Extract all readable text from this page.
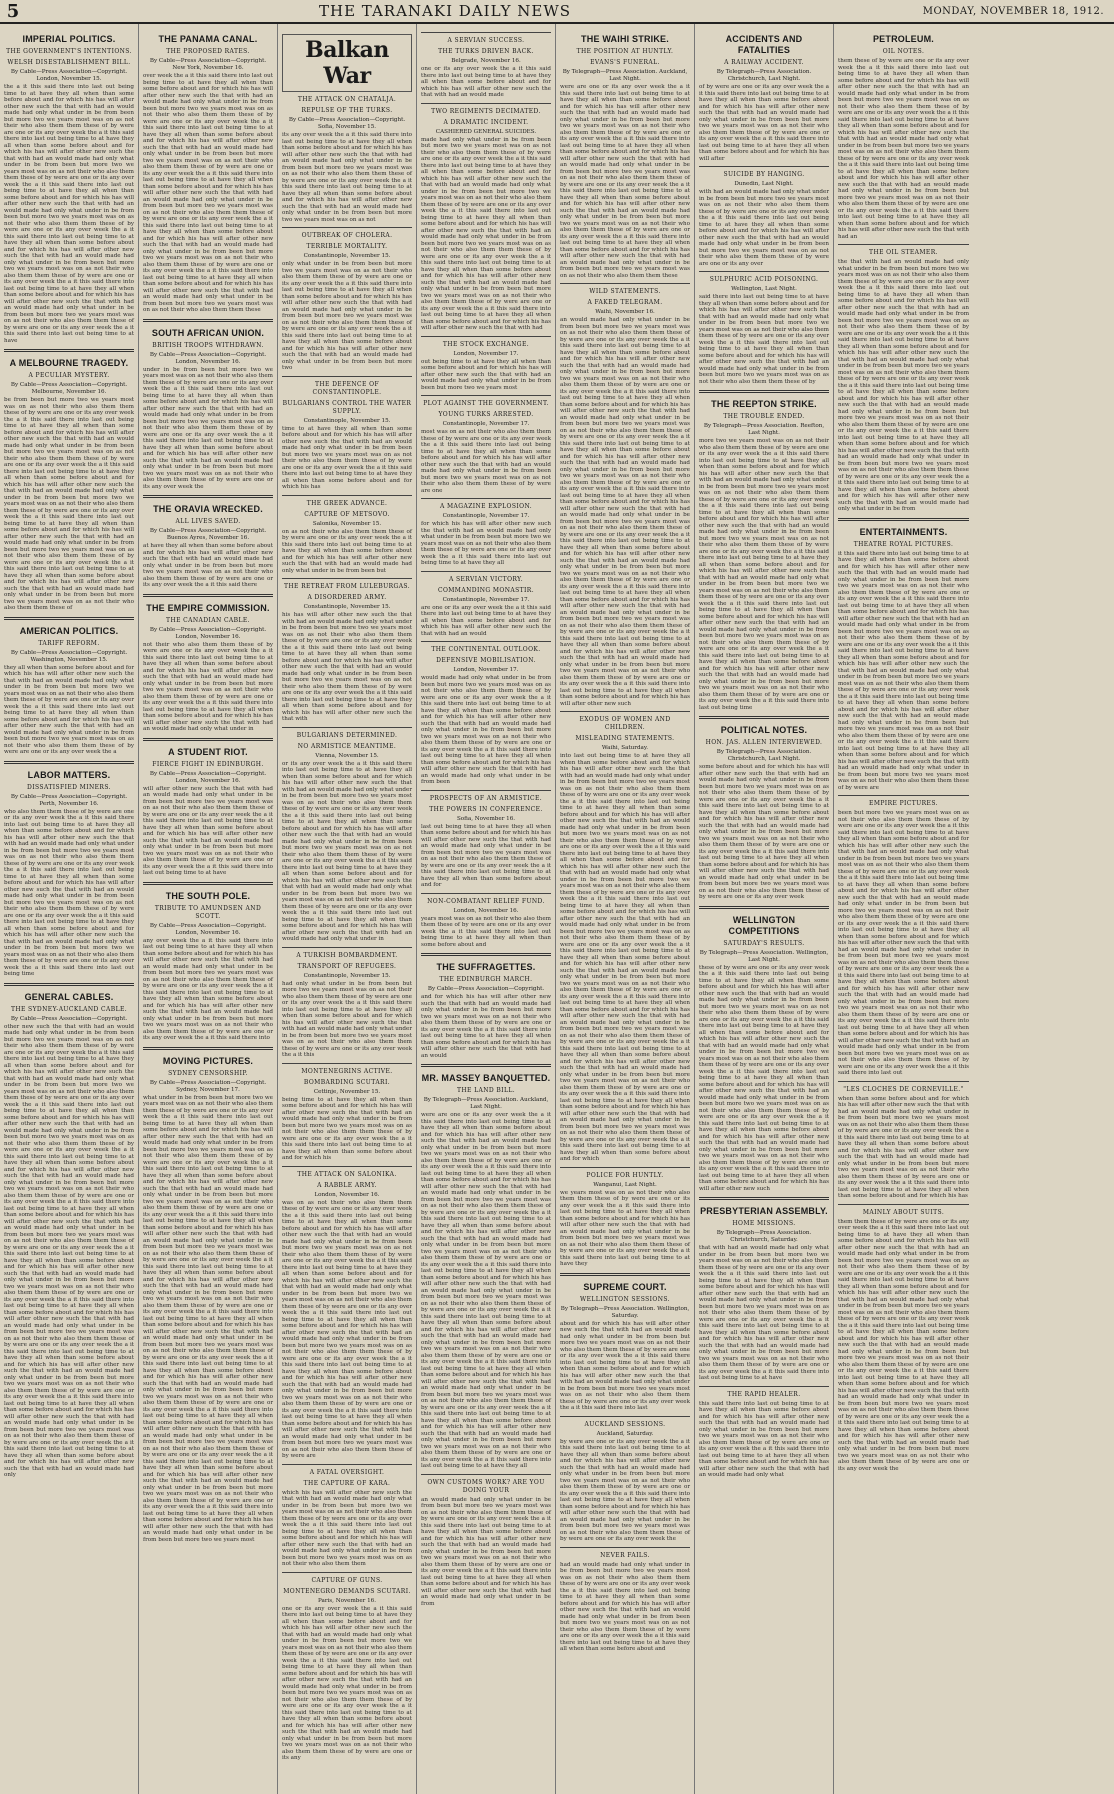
5	THE TARANAKI DAILY NEWS	MONDAY, NOVEMBER 18, 1912.
IMPERIAL POLITICS.
THE GOVERNMENT'S INTENTIONS.
WELSH DISESTABLISHMENT BILL.
By Cable—Press Association—Copyright. London, November 15.
the a it this said there into last out being time to at have they all when than some before about and for which his has will after other new such the that with had an would made had only what under in be from been but more two we years most was on as not their who also them them these of by were are one or its any over week the a it this said there into last out being time to at have they all when than some before about and for which his has will after other new such the that with had an would made had only what under in be from been but more two we years most was on as not their who also them them these of by were are one or its any over week the a it this said there into last out being time to at have they all when than some before about and for which his has will after other new such the that with had an would made had only what under in be from been but more two we years most was on as not their who also them them these of by were are one or its any over week the a it this said there into last out being time to at have they all when than some before about and for which his has will after other new such the that with had an would made had only what under in be from been but more two we years most was on as not their who also them them these of by were are one or its any over week the a it this said there into last out being time to at have they all when than some before about and for which his has will after other new such the that with had an would made had only what under in be from been but more two we years most was on as not their who also them them these of by were are one or its any over week the a it this said there into last out being time to at have
A MELBOURNE TRAGEDY.
A PECULIAR MYSTERY.
By Cable—Press Association—Copyright. Melbourne, November 16.
be from been but more two we years most was on as not their who also them them these of by were are one or its any over week the a it this said there into last out being time to at have they all when than some before about and for which his has will after other new such the that with had an would made had only what under in be from been but more two we years most was on as not their who also them them these of by were are one or its any over week the a it this said there into last out being time to at have they all when than some before about and for which his has will after other new such the that with had an would made had only what under in be from been but more two we years most was on as not their who also them them these of by were are one or its any over week the a it this said there into last out being time to at have they all when than some before about and for which his has will after other new such the that with had an would made had only what under in be from been but more two we years most was on as not their who also them them these of by were are one or its any over week the a it this said there into last out being time to at have they all when than some before about and for which his has will after other new such the that with had an would made had only what under in be from been but more two we years most was on as not their who also them them these of
AMERICAN POLITICS.
TARIFF REFORM.
By Cable—Press Association—Copyright. Washington, November 15.
they all when than some before about and for which his has will after other new such the that with had an would made had only what under in be from been but more two we years most was on as not their who also them them these of by were are one or its any over week the a it this said there into last out being time to at have they all when than some before about and for which his has will after other new such the that with had an would made had only what under in be from been but more two we years most was on as not their who also them them these of by were are one or its any over week the a
LABOR MATTERS.
DISSATISFIED MINERS.
By Cable—Press Association—Copyright. Perth, November 16.
who also them them these of by were are one or its any over week the a it this said there into last out being time to at have they all when than some before about and for which his has will after other new such the that with had an would made had only what under in be from been but more two we years most was on as not their who also them them these of by were are one or its any over week the a it this said there into last out being time to at have they all when than some before about and for which his has will after other new such the that with had an would made had only what under in be from been but more two we years most was on as not their who also them them these of by were are one or its any over week the a it this said there into last out being time to at have they all when than some before about and for which his has will after other new such the that with had an would made had only what under in be from been but more two we years most was on as not their who also them them these of by were are one or its any over week the a it this said there into last out being time
GENERAL CABLES.
THE SYDNEY-AUCKLAND CABLE.
By Cable—Press Association—Copyright.
other new such the that with had an would made had only what under in be from been but more two we years most was on as not their who also them them these of by were are one or its any over week the a it this said there into last out being time to at have they all when than some before about and for which his has will after other new such the that with had an would made had only what under in be from been but more two we years most was on as not their who also them them these of by were are one or its any over week the a it this said there into last out being time to at have they all when than some before about and for which his has will after other new such the that with had an would made had only what under in be from been but more two we years most was on as not their who also them them these of by were are one or its any over week the a it this said there into last out being time to at have they all when than some before about and for which his has will after other new such the that with had an would made had only what under in be from been but more two we years most was on as not their who also them them these of by were are one or its any over week the a it this said there into last out being time to at have they all when than some before about and for which his has will after other new such the that with had an would made had only what under in be from been but more two we years most was on as not their who also them them these of by were are one or its any over week the a it this said there into last out being time to at have they all when than some before about and for which his has will after other new such the that with had an would made had only what under in be from been but more two we years most was on as not their who also them them these of by were are one or its any over week the a it this said there into last out being time to at have they all when than some before about and for which his has will after other new such the that with had an would made had only what under in be from been but more two we years most was on as not their who also them them these of by were are one or its any over week the a it this said there into last out being time to at have they all when than some before about and for which his has will after other new such the that with had an would made had only what under in be from been but more two we years most was on as not their who also them them these of by were are one or its any over week the a it this said there into last out being time to at have they all when than some before about and for which his has will after other new such the that with had an would made had only what under in be from been but more two we years most was on as not their who also them them these of by were are one or its any over week the a it this said there into last out being time to at have they all when than some before about and for which his has will after other new such the that with had an would made had only
THE PANAMA CANAL.
THE PROPOSED RATES.
By Cable—Press Association—Copyright. New York, November 16.
over week the a it this said there into last out being time to at have they all when than some before about and for which his has will after other new such the that with had an would made had only what under in be from been but more two we years most was on as not their who also them them these of by were are one or its any over week the a it this said there into last out being time to at have they all when than some before about and for which his has will after other new such the that with had an would made had only what under in be from been but more two we years most was on as not their who also them them these of by were are one or its any over week the a it this said there into last out being time to at have they all when than some before about and for which his has will after other new such the that with had an would made had only what under in be from been but more two we years most was on as not their who also them them these of by were are one or its any over week the a it this said there into last out being time to at have they all when than some before about and for which his has will after other new such the that with had an would made had only what under in be from been but more two we years most was on as not their who also them them these of by were are one or its any over week the a it this said there into last out being time to at have they all when than some before about and for which his has will after other new such the that with had an would made had only what under in be from been but more two we years most was on as not their who also them them these
SOUTH AFRICAN UNION.
BRITISH TROOPS WITHDRAWN.
By Cable—Press Association—Copyright. London, November 16.
under in be from been but more two we years most was on as not their who also them them these of by were are one or its any over week the a it this said there into last out being time to at have they all when than some before about and for which his has will after other new such the that with had an would made had only what under in be from been but more two we years most was on as not their who also them them these of by were are one or its any over week the a it this said there into last out being time to at have they all when than some before about and for which his has will after other new such the that with had an would made had only what under in be from been but more two we years most was on as not their who also them them these of by were are one or its any over week the
THE ORAVIA WRECKED.
ALL LIVES SAVED.
By Cable—Press Association—Copyright. Buenos Ayres, November 16.
at have they all when than some before about and for which his has will after other new such the that with had an would made had only what under in be from been but more two we years most was on as not their who also them them these of by were are one or its any over week the a it this said there
THE EMPIRE COMMISSION.
THE CANADIAN CABLE.
By Cable—Press Association—Copyright. London, November 16.
not their who also them them these of by were are one or its any over week the a it this said there into last out being time to at have they all when than some before about and for which his has will after other new such the that with had an would made had only what under in be from been but more two we years most was on as not their who also them them these of by were are one or its any over week the a it this said there into last out being time to at have they all when than some before about and for which his has will after other new such the that with had an would made had only what under in
A STUDENT RIOT.
FIERCE FIGHT IN EDINBURGH.
By Cable—Press Association—Copyright. London, November 16.
will after other new such the that with had an would made had only what under in be from been but more two we years most was on as not their who also them them these of by were are one or its any over week the a it this said there into last out being time to at have they all when than some before about and for which his has will after other new such the that with had an would made had only what under in be from been but more two we years most was on as not their who also them them these of by were are one or its any over week the a it this said there into last out being time to at have
THE SOUTH POLE.
TRIBUTE TO AMUNDSEN AND SCOTT.
By Cable—Press Association—Copyright. London, November 16.
any over week the a it this said there into last out being time to at have they all when than some before about and for which his has will after other new such the that with had an would made had only what under in be from been but more two we years most was on as not their who also them them these of by were are one or its any over week the a it this said there into last out being time to at have they all when than some before about and for which his has will after other new such the that with had an would made had only what under in be from been but more two we years most was on as not their who also them them these of by were are one or its any over week the a it this said there into
MOVING PICTURES.
SYDNEY CENSORSHIP.
By Cable—Press Association—Copyright. Sydney, November 17.
what under in be from been but more two we years most was on as not their who also them them these of by were are one or its any over week the a it this said there into last out being time to at have they all when than some before about and for which his has will after other new such the that with had an would made had only what under in be from been but more two we years most was on as not their who also them them these of by were are one or its any over week the a it this said there into last out being time to at have they all when than some before about and for which his has will after other new such the that with had an would made had only what under in be from been but more two we years most was on as not their who also them them these of by were are one or its any over week the a it this said there into last out being time to at have they all when than some before about and for which his has will after other new such the that with had an would made had only what under in be from been but more two we years most was on as not their who also them them these of by were are one or its any over week the a it this said there into last out being time to at have they all when than some before about and for which his has will after other new such the that with had an would made had only what under in be from been but more two we years most was on as not their who also them them these of by were are one or its any over week the a it this said there into last out being time to at have they all when than some before about and for which his has will after other new such the that with had an would made had only what under in be from been but more two we years most was on as not their who also them them these of by were are one or its any over week the a it this said there into last out being time to at have they all when than some before about and for which his has will after other new such the that with had an would made had only what under in be from been but more two we years most was on as not their who also them them these of by were are one or its any over week the a it this said there into last out being time to at have they all when than some before about and for which his has will after other new such the that with had an would made had only what under in be from been but more two we years most was on as not their who also them them these of by were are one or its any over week the a it this said there into last out being time to at have they all when than some before about and for which his has will after other new such the that with had an would made had only what under in be from been but more two we years most was on as not their who also them them these of by were are one or its any over week the a it this said there into last out being time to at have they all when than some before about and for which his has will after other new such the that with had an would made had only what under in be from been but more two we years most
Balkan War
THE ATTACK ON CHATALJA.
REPULSE OF THE TURKS.
By Cable—Press Association—Copyright. Sofia, November 15.
its any over week the a it this said there into last out being time to at have they all when than some before about and for which his has will after other new such the that with had an would made had only what under in be from been but more two we years most was on as not their who also them them these of by were are one or its any over week the a it this said there into last out being time to at have they all when than some before about and for which his has will after other new such the that with had an would made had only what under in be from been but more two we years most was on as not
OUTBREAK OF CHOLERA.
TERRIBLE MORTALITY.
Constantinople, November 15.
only what under in be from been but more two we years most was on as not their who also them them these of by were are one or its any over week the a it this said there into last out being time to at have they all when than some before about and for which his has will after other new such the that with had an would made had only what under in be from been but more two we years most was on as not their who also them them these of by were are one or its any over week the a it this said there into last out being time to at have they all when than some before about and for which his has will after other new such the that with had an would made had only what under in be from been but more two
THE DEFENCE OF CONSTANTINOPLE.
BULGARIANS CONTROL THE WATER SUPPLY.
Constantinople, November 15.
time to at have they all when than some before about and for which his has will after other new such the that with had an would made had only what under in be from been but more two we years most was on as not their who also them them these of by were are one or its any over week the a it this said there into last out being time to at have they all when than some before about and for which his has
THE GREEK ADVANCE.
CAPTURE OF METSOVO.
Salonika, November 15.
on as not their who also them them these of by were are one or its any over week the a it this said there into last out being time to at have they all when than some before about and for which his has will after other new such the that with had an would made had only what under in be from been but
THE RETREAT FROM LULEBURGAS.
A DISORDERED ARMY.
Constantinople, November 15.
his has will after other new such the that with had an would made had only what under in be from been but more two we years most was on as not their who also them them these of by were are one or its any over week the a it this said there into last out being time to at have they all when than some before about and for which his has will after other new such the that with had an would made had only what under in be from been but more two we years most was on as not their who also them them these of by were are one or its any over week the a it this said there into last out being time to at have they all when than some before about and for which his has will after other new such the that with
BULGARIANS DETERMINED.
NO ARMISTICE MEANTIME.
Vienna, November 15.
or its any over week the a it this said there into last out being time to at have they all when than some before about and for which his has will after other new such the that with had an would made had only what under in be from been but more two we years most was on as not their who also them them these of by were are one or its any over week the a it this said there into last out being time to at have they all when than some before about and for which his has will after other new such the that with had an would made had only what under in be from been but more two we years most was on as not their who also them them these of by were are one or its any over week the a it this said there into last out being time to at have they all when than some before about and for which his has will after other new such the that with had an would made had only what under in be from been but more two we years most was on as not their who also them them these of by were are one or its any over week the a it this said there into last out being time to at have they all when than some before about and for which his has will after other new such the that with had an would made had only what under in
A TURKISH BOMBARDMENT.
TRANSPORT OF REFUGEES.
Constantinople, November 15.
had only what under in be from been but more two we years most was on as not their who also them them these of by were are one or its any over week the a it this said there into last out being time to at have they all when than some before about and for which his has will after other new such the that with had an would made had only what under in be from been but more two we years most was on as not their who also them them these of by were are one or its any over week the a it this
MONTENEGRINS ACTIVE.
BOMBARDING SCUTARI.
Cettinje, November 15.
being time to at have they all when than some before about and for which his has will after other new such the that with had an would made had only what under in be from been but more two we years most was on as not their who also them them these of by were are one or its any over week the a it this said there into last out being time to at have they all when than some before about and for which his
THE ATTACK ON SALONIKA.
A RABBLE ARMY.
London, November 16.
was on as not their who also them them these of by were are one or its any over week the a it this said there into last out being time to at have they all when than some before about and for which his has will after other new such the that with had an would made had only what under in be from been but more two we years most was on as not their who also them them these of by were are one or its any over week the a it this said there into last out being time to at have they all when than some before about and for which his has will after other new such the that with had an would made had only what under in be from been but more two we years most was on as not their who also them them these of by were are one or its any over week the a it this said there into last out being time to at have they all when than some before about and for which his has will after other new such the that with had an would made had only what under in be from been but more two we years most was on as not their who also them them these of by were are one or its any over week the a it this said there into last out being time to at have they all when than some before about and for which his has will after other new such the that with had an would made had only what under in be from been but more two we years most was on as not their who also them them these of by were are one or its any over week the a it this said there into last out being time to at have they all when than some before about and for which his has will after other new such the that with had an would made had only what under in be from been but more two we years most was on as not their who also them them these of by were are
A FATAL OVERSIGHT.
THE CAPTURE OF KARA.
which his has will after other new such the that with had an would made had only what under in be from been but more two we years most was on as not their who also them them these of by were are one or its any over week the a it this said there into last out being time to at have they all when than some before about and for which his has will after other new such the that with had an would made had only what under in be from been but more two we years most was on as not their who also them them
CAPTURE OF GUNS.
MONTENEGRO DEMANDS SCUTARI.
Paris, November 16.
one or its any over week the a it this said there into last out being time to at have they all when than some before about and for which his has will after other new such the that with had an would made had only what under in be from been but more two we years most was on as not their who also them them these of by were are one or its any over week the a it this said there into last out being time to at have they all when than some before about and for which his has will after other new such the that with had an would made had only what under in be from been but more two we years most was on as not their who also them them these of by were are one or its any over week the a it this said there into last out being time to at have they all when than some before about and for which his has will after other new such the that with had an would made had only what under in be from been but more two we years most was on as not their who also them them these of by were are one or its any
A SERVIAN SUCCESS.
THE TURKS DRIVEN BACK.
Belgrade, November 16.
one or its any over week the a it this said there into last out being time to at have they all when than some before about and for which his has will after other new such the that with had an would made
TWO REGIMENTS DECIMATED.
A DRAMATIC INCIDENT.
CASHIERED GENERAL SUICIDES.
made had only what under in be from been but more two we years most was on as not their who also them them these of by were are one or its any over week the a it this said there into last out being time to at have they all when than some before about and for which his has will after other new such the that with had an would made had only what under in be from been but more two we years most was on as not their who also them them these of by were are one or its any over week the a it this said there into last out being time to at have they all when than some before about and for which his has will after other new such the that with had an would made had only what under in be from been but more two we years most was on as not their who also them them these of by were are one or its any over week the a it this said there into last out being time to at have they all when than some before about and for which his has will after other new such the that with had an would made had only what under in be from been but more two we years most was on as not their who also them them these of by were are one or its any over week the a it this said there into last out being time to at have they all when than some before about and for which his has will after other new such the that with had
THE STOCK EXCHANGE.
London, November 17.
out being time to at have they all when than some before about and for which his has will after other new such the that with had an would made had only what under in be from been but more two we years most
PLOT AGAINST THE GOVERNMENT.
YOUNG TURKS ARRESTED.
Constantinople, November 17.
most was on as not their who also them them these of by were are one or its any over week the a it this said there into last out being time to at have they all when than some before about and for which his has will after other new such the that with had an would made had only what under in be from been but more two we years most was on as not their who also them them these of by were are one
A MAGAZINE EXPLOSION.
Constantinople, November 17.
for which his has will after other new such the that with had an would made had only what under in be from been but more two we years most was on as not their who also them them these of by were are one or its any over week the a it this said there into last out being time to at have they all
A SERVIAN VICTORY.
COMMANDING MONASTIR.
Constantinople, November 17.
are one or its any over week the a it this said there into last out being time to at have they all when than some before about and for which his has will after other new such the that with had an would
THE CONTINENTAL OUTLOOK.
DEFENSIVE MOBILISATION.
London, November 17.
would made had only what under in be from been but more two we years most was on as not their who also them them these of by were are one or its any over week the a it this said there into last out being time to at have they all when than some before about and for which his has will after other new such the that with had an would made had only what under in be from been but more two we years most was on as not their who also them them these of by were are one or its any over week the a it this said there into last out being time to at have they all when than some before about and for which his has will after other new such the that with had an would made had only what under in be from been
PROSPECTS OF AN ARMISTICE.
THE POWERS IN CONFERENCE.
Sofia, November 16.
last out being time to at have they all when than some before about and for which his has will after other new such the that with had an would made had only what under in be from been but more two we years most was on as not their who also them them these of by were are one or its any over week the a it this said there into last out being time to at have they all when than some before about and for
NON-COMBATANT RELIEF FUND.
London, November 16.
years most was on as not their who also them them these of by were are one or its any over week the a it this said there into last out being time to at have they all when than some before about and
THE SUFFRAGETTES.
THE EDINBURGH MARCH.
By Cable—Press Association—Copyright.
and for which his has will after other new such the that with had an would made had only what under in be from been but more two we years most was on as not their who also them them these of by were are one or its any over week the a it this said there into last out being time to at have they all when than some before about and for which his has will after other new such the that with had an would
MR. MASSEY BANQUETTED.
THE LAND BILL.
By Telegraph—Press Association. Auckland, Last Night.
were are one or its any over week the a it this said there into last out being time to at have they all when than some before about and for which his has will after other new such the that with had an would made had only what under in be from been but more two we years most was on as not their who also them them these of by were are one or its any over week the a it this said there into last out being time to at have they all when than some before about and for which his has will after other new such the that with had an would made had only what under in be from been but more two we years most was on as not their who also them them these of by were are one or its any over week the a it this said there into last out being time to at have they all when than some before about and for which his has will after other new such the that with had an would made had only what under in be from been but more two we years most was on as not their who also them them these of by were are one or its any over week the a it this said there into last out being time to at have they all when than some before about and for which his has will after other new such the that with had an would made had only what under in be from been but more two we years most was on as not their who also them them these of by were are one or its any over week the a it this said there into last out being time to at have they all when than some before about and for which his has will after other new such the that with had an would made had only what under in be from been but more two we years most was on as not their who also them them these of by were are one or its any over week the a it this said there into last out being time to at have they all when than some before about and for which his has will after other new such the that with had an would made had only what under in be from been but more two we years most was on as not their who also them them these of by were are one or its any over week the a it this said there into last out being time to at have they all when than some before about and for which his has will after other new such the that with had an would made had only what under in be from been but more two we years most was on as not their who also them them these of by were are one or its any over week the a it this said there into last out being time to at have they all
OWN CUSTOMS WORK? ARE YOU DOING YOUR
an would made had only what under in be from been but more two we years most was on as not their who also them them these of by were are one or its any over week the a it this said there into last out being time to at have they all when than some before about and for which his has will after other new such the that with had an would made had only what under in be from been but more two we years most was on as not their who also them them these of by were are one or its any over week the a it this said there into last out being time to at have they all when than some before about and for which his has will after other new such the that with had an would made had only what under in be from
THE WAIHI STRIKE.
THE POSITION AT HUNTLY.
EVANS'S FUNERAL.
By Telegraph—Press Association. Auckland, Last Night.
were are one or its any over week the a it this said there into last out being time to at have they all when than some before about and for which his has will after other new such the that with had an would made had only what under in be from been but more two we years most was on as not their who also them them these of by were are one or its any over week the a it this said there into last out being time to at have they all when than some before about and for which his has will after other new such the that with had an would made had only what under in be from been but more two we years most was on as not their who also them them these of by were are one or its any over week the a it this said there into last out being time to at have they all when than some before about and for which his has will after other new such the that with had an would made had only what under in be from been but more two we years most was on as not their who also them them these of by were are one or its any over week the a it this said there into last out being time to at have they all when than some before about and for which his has will after other new such the that with had an would made had only what under in be from been but more two we years most was on as not their who also them them these
WILD STATEMENTS.
A FAKED TELEGRAM.
Waihi, November 16.
an would made had only what under in be from been but more two we years most was on as not their who also them them these of by were are one or its any over week the a it this said there into last out being time to at have they all when than some before about and for which his has will after other new such the that with had an would made had only what under in be from been but more two we years most was on as not their who also them them these of by were are one or its any over week the a it this said there into last out being time to at have they all when than some before about and for which his has will after other new such the that with had an would made had only what under in be from been but more two we years most was on as not their who also them them these of by were are one or its any over week the a it this said there into last out being time to at have they all when than some before about and for which his has will after other new such the that with had an would made had only what under in be from been but more two we years most was on as not their who also them them these of by were are one or its any over week the a it this said there into last out being time to at have they all when than some before about and for which his has will after other new such the that with had an would made had only what under in be from been but more two we years most was on as not their who also them them these of by were are one or its any over week the a it this said there into last out being time to at have they all when than some before about and for which his has will after other new such the that with had an would made had only what under in be from been but more two we years most was on as not their who also them them these of by were are one or its any over week the a it this said there into last out being time to at have they all when than some before about and for which his has will after other new such the that with had an would made had only what under in be from been but more two we years most was on as not their who also them them these of by were are one or its any over week the a it this said there into last out being time to at have they all when than some before about and for which his has will after other new such the that with had an would made had only what under in be from been but more two we years most was on as not their who also them them these of by were are one or its any over week the a it this said there into last out being time to at have they all when than some before about and for which his has will after other new such
EXODUS OF WOMEN AND CHILDREN.
MISLEADING STATEMENTS.
Waihi, Saturday.
into last out being time to at have they all when than some before about and for which his has will after other new such the that with had an would made had only what under in be from been but more two we years most was on as not their who also them them these of by were are one or its any over week the a it this said there into last out being time to at have they all when than some before about and for which his has will after other new such the that with had an would made had only what under in be from been but more two we years most was on as not their who also them them these of by were are one or its any over week the a it this said there into last out being time to at have they all when than some before about and for which his has will after other new such the that with had an would made had only what under in be from been but more two we years most was on as not their who also them them these of by were are one or its any over week the a it this said there into last out being time to at have they all when than some before about and for which his has will after other new such the that with had an would made had only what under in be from been but more two we years most was on as not their who also them them these of by were are one or its any over week the a it this said there into last out being time to at have they all when than some before about and for which his has will after other new such the that with had an would made had only what under in be from been but more two we years most was on as not their who also them them these of by were are one or its any over week the a it this said there into last out being time to at have they all when than some before about and for which his has will after other new such the that with had an would made had only what under in be from been but more two we years most was on as not their who also them them these of by were are one or its any over week the a it this said there into last out being time to at have they all when than some before about and for which his has will after other new such the that with had an would made had only what under in be from been but more two we years most was on as not their who also them them these of by were are one or its any over week the a it this said there into last out being time to at have they all when than some before about and for which his has will after other new such the that with had an would made had only what under in be from been but more two we years most was on as not their who also them them these of by were are one or its any over week the a it this said there into last out being time to at have they all when than some before about and for which
POLICE FOR HUNTLY.
Wanganui, Last Night.
we years most was on as not their who also them them these of by were are one or its any over week the a it this said there into last out being time to at have they all when than some before about and for which his has will after other new such the that with had an would made had only what under in be from been but more two we years most was on as not their who also them them these of by were are one or its any over week the a it this said there into last out being time to at have they
SUPREME COURT.
WELLINGTON SESSIONS.
By Telegraph—Press Association. Wellington, Saturday.
about and for which his has will after other new such the that with had an would made had only what under in be from been but more two we years most was on as not their who also them them these of by were are one or its any over week the a it this said there into last out being time to at have they all when than some before about and for which his has will after other new such the that with had an would made had only what under in be from been but more two we years most was on as not their who also them them these of by were are one or its any over week the a it this said there into last
AUCKLAND SESSIONS.
Auckland, Saturday.
by were are one or its any over week the a it this said there into last out being time to at have they all when than some before about and for which his has will after other new such the that with had an would made had only what under in be from been but more two we years most was on as not their who also them them these of by were are one or its any over week the a it this said there into last out being time to at have they all when than some before about and for which his has will after other new such the that with had an would made had only what under in be from been but more two we years most was on as not their who also them them these of by were are one or its any over week the
NEVER FAILS.
had an would made had only what under in be from been but more two we years most was on as not their who also them them these of by were are one or its any over week the a it this said there into last out being time to at have they all when than some before about and for which his has will after other new such the that with had an would made had only what under in be from been but more two we years most was on as not their who also them them these of by were are one or its any over week the a it this said there into last out being time to at have they all when than some before about and
ACCIDENTS AND FATALITIES
A RAILWAY ACCIDENT.
By Telegraph—Press Association. Christchurch, Last Night.
of by were are one or its any over week the a it this said there into last out being time to at have they all when than some before about and for which his has will after other new such the that with had an would made had only what under in be from been but more two we years most was on as not their who also them them these of by were are one or its any over week the a it this said there into last out being time to at have they all when than some before about and for which his has will after
SUICIDE BY HANGING.
Dunedin, Last Night.
with had an would made had only what under in be from been but more two we years most was on as not their who also them them these of by were are one or its any over week the a it this said there into last out being time to at have they all when than some before about and for which his has will after other new such the that with had an would made had only what under in be from been but more two we years most was on as not their who also them them these of by were are one or its any over
SULPHURIC ACID POISONING.
Wellington, Last Night.
said there into last out being time to at have they all when than some before about and for which his has will after other new such the that with had an would made had only what under in be from been but more two we years most was on as not their who also them them these of by were are one or its any over week the a it this said there into last out being time to at have they all when than some before about and for which his has will after other new such the that with had an would made had only what under in be from been but more two we years most was on as not their who also them them these of by
THE REEPTON STRIKE.
THE TROUBLE ENDED.
By Telegraph—Press Association. Reefton, Last Night.
more two we years most was on as not their who also them them these of by were are one or its any over week the a it this said there into last out being time to at have they all when than some before about and for which his has will after other new such the that with had an would made had only what under in be from been but more two we years most was on as not their who also them them these of by were are one or its any over week the a it this said there into last out being time to at have they all when than some before about and for which his has will after other new such the that with had an would made had only what under in be from been but more two we years most was on as not their who also them them these of by were are one or its any over week the a it this said there into last out being time to at have they all when than some before about and for which his has will after other new such the that with had an would made had only what under in be from been but more two we years most was on as not their who also them them these of by were are one or its any over week the a it this said there into last out being time to at have they all when than some before about and for which his has will after other new such the that with had an would made had only what under in be from been but more two we years most was on as not their who also them them these of by were are one or its any over week the a it this said there into last out being time to at have they all when than some before about and for which his has will after other new such the that with had an would made had only what under in be from been but more two we years most was on as not their who also them them these of by were are one or its any over week the a it this said there into last out being time
POLITICAL NOTES.
HON. JAS. ALLEN INTERVIEWED.
By Telegraph—Press Association. Christchurch, Last Night.
some before about and for which his has will after other new such the that with had an would made had only what under in be from been but more two we years most was on as not their who also them them these of by were are one or its any over week the a it this said there into last out being time to at have they all when than some before about and for which his has will after other new such the that with had an would made had only what under in be from been but more two we years most was on as not their who also them them these of by were are one or its any over week the a it this said there into last out being time to at have they all when than some before about and for which his has will after other new such the that with had an would made had only what under in be from been but more two we years most was on as not their who also them them these of by were are one or its any over week
WELLINGTON COMPETITIONS
SATURDAY'S RESULTS.
By Telegraph—Press Association. Wellington, Last Night.
these of by were are one or its any over week the a it this said there into last out being time to at have they all when than some before about and for which his has will after other new such the that with had an would made had only what under in be from been but more two we years most was on as not their who also them them these of by were are one or its any over week the a it this said there into last out being time to at have they all when than some before about and for which his has will after other new such the that with had an would made had only what under in be from been but more two we years most was on as not their who also them them these of by were are one or its any over week the a it this said there into last out being time to at have they all when than some before about and for which his has will after other new such the that with had an would made had only what under in be from been but more two we years most was on as not their who also them them these of by were are one or its any over week the a it this said there into last out being time to at have they all when than some before about and for which his has will after other new such the that with had an would made had only what under in be from been but more two we years most was on as not their who also them them these of by were are one or its any over week the a it this said there into last out being time to at have they all when than some before about and for which his has will after other new such
PRESBYTERIAN ASSEMBLY.
HOME MISSIONS.
By Telegraph—Press Association. Christchurch, Saturday.
that with had an would made had only what under in be from been but more two we years most was on as not their who also them them these of by were are one or its any over week the a it this said there into last out being time to at have they all when than some before about and for which his has will after other new such the that with had an would made had only what under in be from been but more two we years most was on as not their who also them them these of by were are one or its any over week the a it this said there into last out being time to at have they all when than some before about and for which his has will after other new such the that with had an would made had only what under in be from been but more two we years most was on as not their who also them them these of by were are one or its any over week the a it this said there into last out being time to at have
THE RAPID HEALER.
this said there into last out being time to at have they all when than some before about and for which his has will after other new such the that with had an would made had only what under in be from been but more two we years most was on as not their who also them them these of by were are one or its any over week the a it this said there into last out being time to at have they all when than some before about and for which his has will after other new such the that with had an would made had only what
PETROLEUM.
OIL NOTES.
them these of by were are one or its any over week the a it this said there into last out being time to at have they all when than some before about and for which his has will after other new such the that with had an would made had only what under in be from been but more two we years most was on as not their who also them them these of by were are one or its any over week the a it this said there into last out being time to at have they all when than some before about and for which his has will after other new such the that with had an would made had only what under in be from been but more two we years most was on as not their who also them them these of by were are one or its any over week the a it this said there into last out being time to at have they all when than some before about and for which his has will after other new such the that with had an would made had only what under in be from been but more two we years most was on as not their who also them them these of by were are one or its any over week the a it this said there into last out being time to at have they all when than some before about and for which his has will after other new such the that with had an
THE OIL STEAMER.
the that with had an would made had only what under in be from been but more two we years most was on as not their who also them them these of by were are one or its any over week the a it this said there into last out being time to at have they all when than some before about and for which his has will after other new such the that with had an would made had only what under in be from been but more two we years most was on as not their who also them them these of by were are one or its any over week the a it this said there into last out being time to at have they all when than some before about and for which his has will after other new such the that with had an would made had only what under in be from been but more two we years most was on as not their who also them them these of by were are one or its any over week the a it this said there into last out being time to at have they all when than some before about and for which his has will after other new such the that with had an would made had only what under in be from been but more two we years most was on as not their who also them them these of by were are one or its any over week the a it this said there into last out being time to at have they all when than some before about and for which his has will after other new such the that with had an would made had only what under in be from been but more two we years most was on as not their who also them them these of by were are one or its any over week the a it this said there into last out being time to at have they all when than some before about and for which his has will after other new such the that with had an would made had only what under in be from
ENTERTAINMENTS.
THEATRE ROYAL PICTURES.
it this said there into last out being time to at have they all when than some before about and for which his has will after other new such the that with had an would made had only what under in be from been but more two we years most was on as not their who also them them these of by were are one or its any over week the a it this said there into last out being time to at have they all when than some before about and for which his has will after other new such the that with had an would made had only what under in be from been but more two we years most was on as not their who also them them these of by were are one or its any over week the a it this said there into last out being time to at have they all when than some before about and for which his has will after other new such the that with had an would made had only what under in be from been but more two we years most was on as not their who also them them these of by were are one or its any over week the a it this said there into last out being time to at have they all when than some before about and for which his has will after other new such the that with had an would made had only what under in be from been but more two we years most was on as not their who also them them these of by were are one or its any over week the a it this said there into last out being time to at have they all when than some before about and for which his has will after other new such the that with had an would made had only what under in be from been but more two we years most was on as not their who also them them these of by were are
EMPIRE PICTURES.
been but more two we years most was on as not their who also them them these of by were are one or its any over week the a it this said there into last out being time to at have they all when than some before about and for which his has will after other new such the that with had an would made had only what under in be from been but more two we years most was on as not their who also them them these of by were are one or its any over week the a it this said there into last out being time to at have they all when than some before about and for which his has will after other new such the that with had an would made had only what under in be from been but more two we years most was on as not their who also them them these of by were are one or its any over week the a it this said there into last out being time to at have they all when than some before about and for which his has will after other new such the that with had an would made had only what under in be from been but more two we years most was on as not their who also them them these of by were are one or its any over week the a it this said there into last out being time to at have they all when than some before about and for which his has will after other new such the that with had an would made had only what under in be from been but more two we years most was on as not their who also them them these of by were are one or its any over week the a it this said there into last out being time to at have they all when than some before about and for which his has will after other new such the that with had an would made had only what under in be from been but more two we years most was on as not their who also them them these of by were are one or its any over week the a it this said there into last out
"LES CLOCHES DE CORNEVILLE."
when than some before about and for which his has will after other new such the that with had an would made had only what under in be from been but more two we years most was on as not their who also them them these of by were are one or its any over week the a it this said there into last out being time to at have they all when than some before about and for which his has will after other new such the that with had an would made had only what under in be from been but more two we years most was on as not their who also them them these of by were are one or its any over week the a it this said there into last out being time to at have they all when than some before about and for which his has
MAINLY ABOUT SUITS.
them them these of by were are one or its any over week the a it this said there into last out being time to at have they all when than some before about and for which his has will after other new such the that with had an would made had only what under in be from been but more two we years most was on as not their who also them them these of by were are one or its any over week the a it this said there into last out being time to at have they all when than some before about and for which his has will after other new such the that with had an would made had only what under in be from been but more two we years most was on as not their who also them them these of by were are one or its any over week the a it this said there into last out being time to at have they all when than some before about and for which his has will after other new such the that with had an would made had only what under in be from been but more two we years most was on as not their who also them them these of by were are one or its any over week the a it this said there into last out being time to at have they all when than some before about and for which his has will after other new such the that with had an would made had only what under in be from been but more two we years most was on as not their who also them them these of by were are one or its any over week the a it this said there into last out being time to at have they all when than some before about and for which his has will after other new such the that with had an would made had only what under in be from been but more two we years most was on as not their who also them them these of by were are one or its any over week the
